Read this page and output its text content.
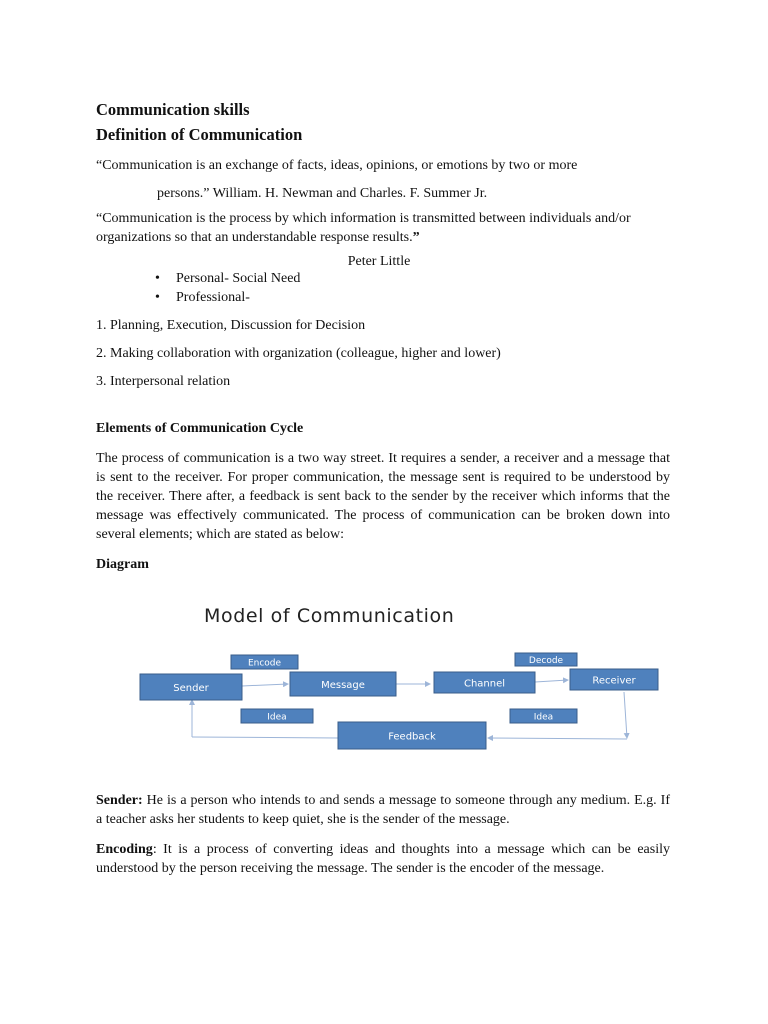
Communication skills

Definition of Communication

“Communication is an exchange of facts, ideas, opinions, or emotions by two or more

persons.” William. H. Newman and Charles. F. Summer Jr.

“Communication is the process by which information is transmitted between individuals and/or organizations so that an understandable response results.”

Peter Little

• Personal- Social Need
• Professional-

1. Planning, Execution, Discussion for Decision

2. Making collaboration with organization (colleague, higher and lower)

3. Interpersonal relation

Elements of Communication Cycle

The process of communication is a two way street. It requires a sender, a receiver and a message that is sent to the receiver. For proper communication, the message sent is required to be understood by the receiver. There after, a feedback is sent back to the sender by the receiver which informs that the message was effectively communicated. The process of communication can be broken down into several elements; which are stated as below:

Diagram

Model of Communication
Encode
Sender	Message	Channel
Decode
Receiver
Idea	Idea
Feedback

Sender: He is a person who intends to and sends a message to someone through any medium. E.g. If a teacher asks her students to keep quiet, she is the sender of the message.

Encoding: It is a process of converting ideas and thoughts into a message which can be easily understood by the person receiving the message. The sender is the encoder of the message.
